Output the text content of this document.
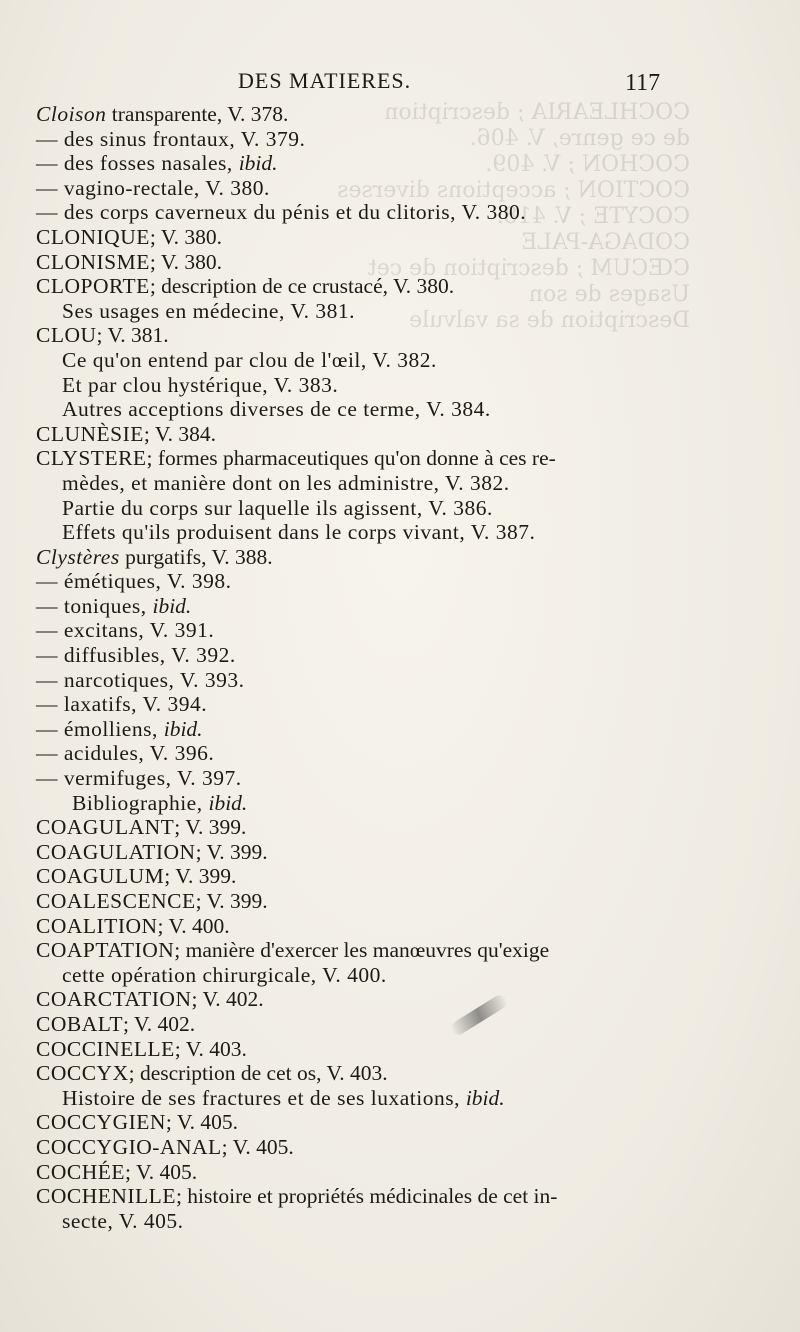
COCHLEARIA ; description
de ce genre, V. 406.
COCHON ; V. 409.
COCTION ; acceptions diverses
COCYTE ; V. 418.
CODAGA-PALE
CŒCUM ; description de cet
Usages de son
Description de sa valvule
DES MATIERES.	117
Cloison transparente, V. 378.
— des sinus frontaux, V. 379.
— des fosses nasales, ibid.
— vagino-rectale, V. 380.
— des corps caverneux du pénis et du clitoris, V. 380.
CLONIQUE; V. 380.
CLONISME; V. 380.
CLOPORTE; description de ce crustacé, V. 380.
Ses usages en médecine, V. 381.
CLOU; V. 381.
Ce qu'on entend par clou de l'œil, V. 382.
Et par clou hystérique, V. 383.
Autres acceptions diverses de ce terme, V. 384.
CLUNÈSIE; V. 384.
CLYSTERE; formes pharmaceutiques qu'on donne à ces re-
mèdes, et manière dont on les administre, V. 382.
Partie du corps sur laquelle ils agissent, V. 386.
Effets qu'ils produisent dans le corps vivant, V. 387.
Clystères purgatifs, V. 388.
— émétiques, V. 398.
— toniques, ibid.
— excitans, V. 391.
— diffusibles, V. 392.
— narcotiques, V. 393.
— laxatifs, V. 394.
— émolliens, ibid.
— acidules, V. 396.
— vermifuges, V. 397.
Bibliographie, ibid.
COAGULANT; V. 399.
COAGULATION; V. 399.
COAGULUM; V. 399.
COALESCENCE; V. 399.
COALITION; V. 400.
COAPTATION; manière d'exercer les manœuvres qu'exige
cette opération chirurgicale, V. 400.
COARCTATION; V. 402.
COBALT; V. 402.
COCCINELLE; V. 403.
COCCYX; description de cet os, V. 403.
Histoire de ses fractures et de ses luxations, ibid.
COCCYGIEN; V. 405.
COCCYGIO-ANAL; V. 405.
COCHÉE; V. 405.
COCHENILLE; histoire et propriétés médicinales de cet in-
secte, V. 405.
